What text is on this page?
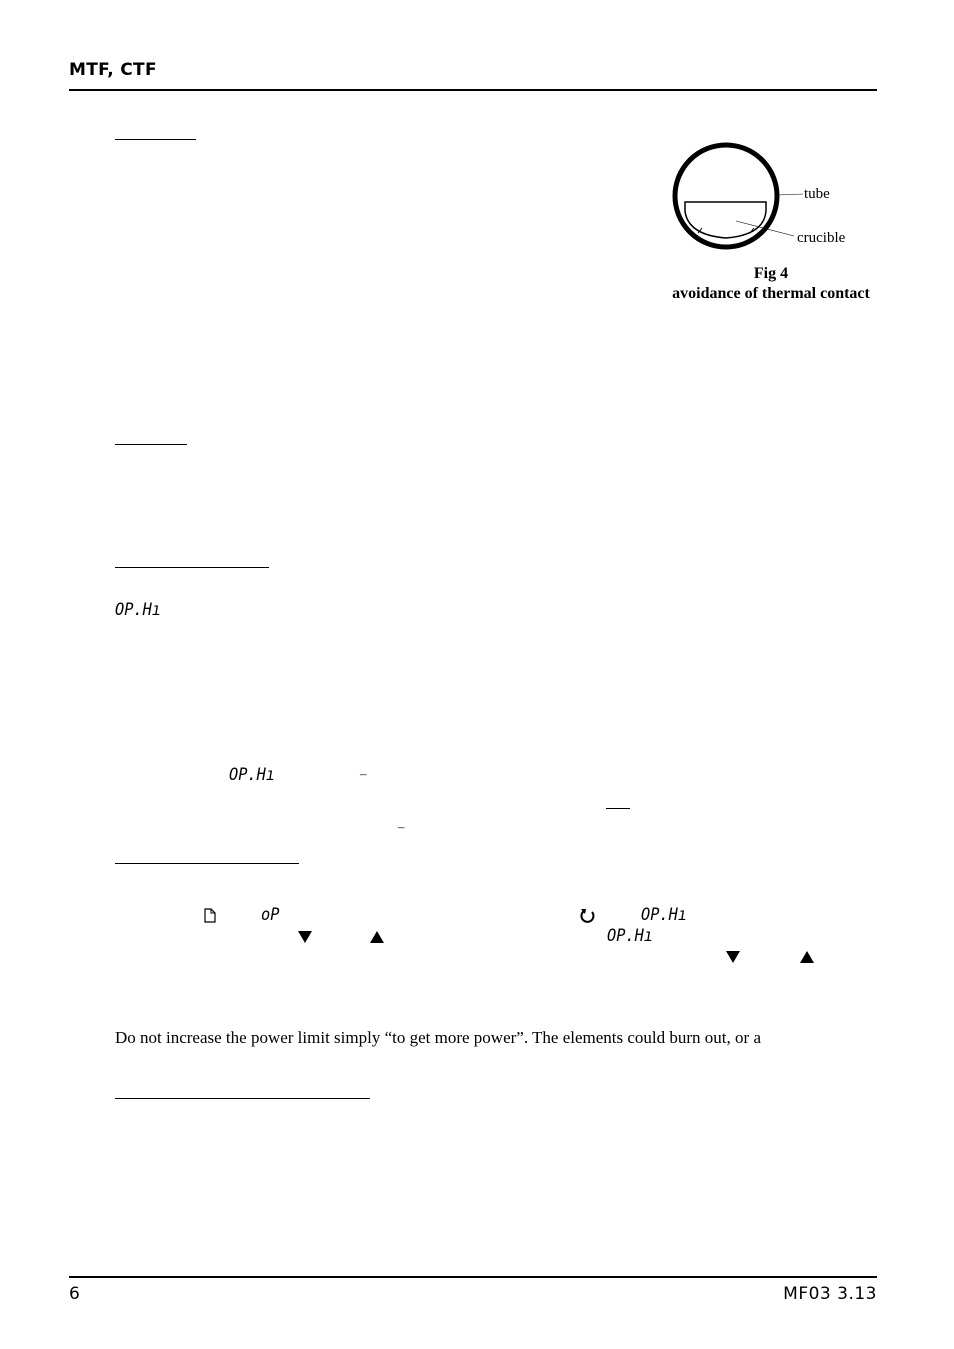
MTF, CTF
tube
crucible
Fig 4
avoidance of thermal contact
OP.Hı
OP.Hı	–
–
oP	OP.Hı
OP.Hı
Do not increase the power limit simply “to get more power”. The elements could burn out, or a
6	MF03 3.13
